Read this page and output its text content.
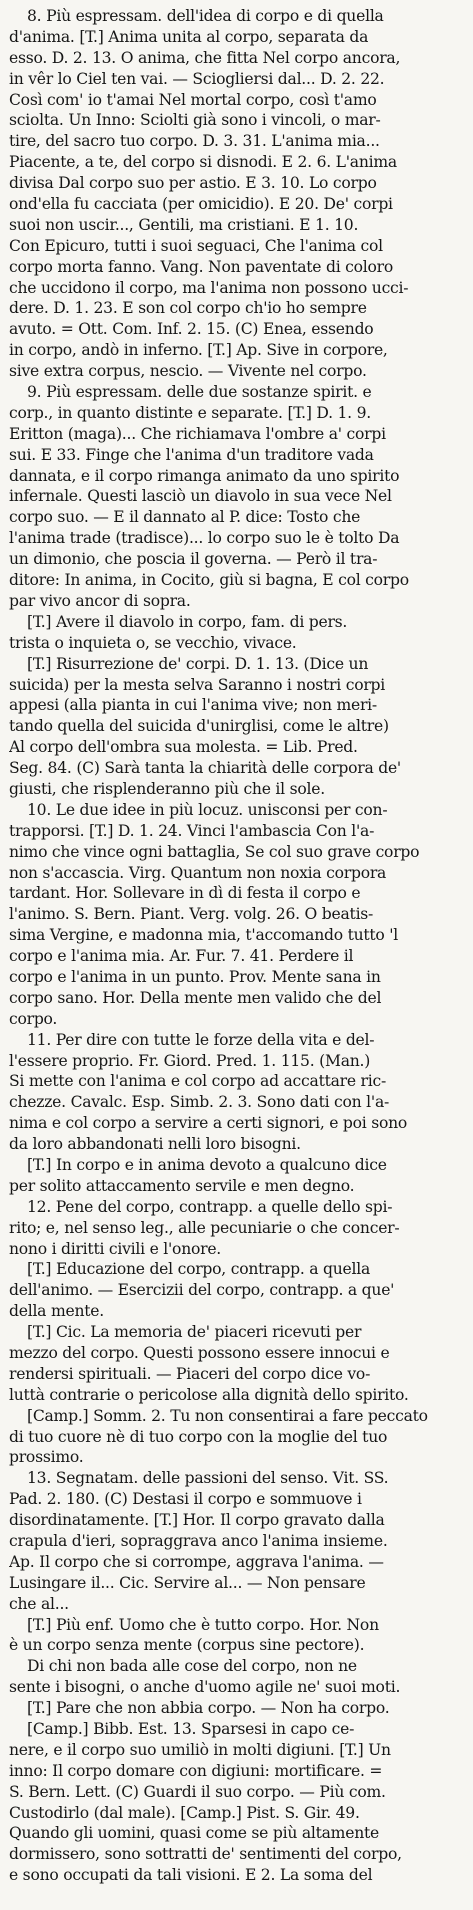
8. Più espressam. dell'idea di corpo e di quella
d'anima. [T.] Anima unita al corpo, separata da
esso. D. 2. 13. O anima, che fitta Nel corpo ancora,
in vêr lo Ciel ten vai. — Sciogliersi dal... D. 2. 22.
Così com' io t'amai Nel mortal corpo, così t'amo
sciolta. Un Inno: Sciolti già sono i vincoli, o mar-
tire, del sacro tuo corpo. D. 3. 31. L'anima mia...
Piacente, a te, del corpo si disnodi. E 2. 6. L'anima
divisa Dal corpo suo per astio. E 3. 10. Lo corpo
ond'ella fu cacciata (per omicidio). E 20. De' corpi
suoi non uscir..., Gentili, ma cristiani. E 1. 10.
Con Epicuro, tutti i suoi seguaci, Che l'anima col
corpo morta fanno. Vang. Non paventate di coloro
che uccidono il corpo, ma l'anima non possono ucci-
dere. D. 1. 23. E son col corpo ch'io ho sempre
avuto. = Ott. Com. Inf. 2. 15. (C) Enea, essendo
in corpo, andò in inferno. [T.] Ap. Sive in corpore,
sive extra corpus, nescio. — Vivente nel corpo.
9. Più espressam. delle due sostanze spirit. e
corp., in quanto distinte e separate. [T.] D. 1. 9.
Eritton (maga)... Che richiamava l'ombre a' corpi
sui. E 33. Finge che l'anima d'un traditore vada
dannata, e il corpo rimanga animato da uno spirito
infernale. Questi lasciò un diavolo in sua vece Nel
corpo suo. — E il dannato al P. dice: Tosto che
l'anima trade (tradisce)... lo corpo suo le è tolto Da
un dimonio, che poscia il governa. — Però il tra-
ditore: In anima, in Cocito, giù si bagna, E col corpo
par vivo ancor di sopra.
[T.] Avere il diavolo in corpo, fam. di pers.
trista o inquieta o, se vecchio, vivace.
[T.] Risurrezione de' corpi. D. 1. 13. (Dice un
suicida) per la mesta selva Saranno i nostri corpi
appesi (alla pianta in cui l'anima vive; non meri-
tando quella del suicida d'unirglisi, come le altre)
Al corpo dell'ombra sua molesta. = Lib. Pred.
Seg. 84. (C) Sarà tanta la chiarità delle corpora de'
giusti, che risplenderanno più che il sole.
10. Le due idee in più locuz. unisconsi per con-
trapporsi. [T.] D. 1. 24. Vinci l'ambascia Con l'a-
nimo che vince ogni battaglia, Se col suo grave corpo
non s'accascia. Virg. Quantum non noxia corpora
tardant. Hor. Sollevare in dì di festa il corpo e
l'animo. S. Bern. Piant. Verg. volg. 26. O beatis-
sima Vergine, e madonna mia, t'accomando tutto 'l
corpo e l'anima mia. Ar. Fur. 7. 41. Perdere il
corpo e l'anima in un punto. Prov. Mente sana in
corpo sano. Hor. Della mente men valido che del
corpo.
11. Per dire con tutte le forze della vita e del-
l'essere proprio. Fr. Giord. Pred. 1. 115. (Man.)
Si mette con l'anima e col corpo ad accattare ric-
chezze. Cavalc. Esp. Simb. 2. 3. Sono dati con l'a-
nima e col corpo a servire a certi signori, e poi sono
da loro abbandonati nelli loro bisogni.
[T.] In corpo e in anima devoto a qualcuno dice
per solito attaccamento servile e men degno.
12. Pene del corpo, contrapp. a quelle dello spi-
rito; e, nel senso leg., alle pecuniarie o che concer-
nono i diritti civili e l'onore.
[T.] Educazione del corpo, contrapp. a quella
dell'animo. — Esercizii del corpo, contrapp. a que'
della mente.
[T.] Cic. La memoria de' piaceri ricevuti per
mezzo del corpo. Questi possono essere innocui e
rendersi spirituali. — Piaceri del corpo dice vo-
luttà contrarie o pericolose alla dignità dello spirito.
[Camp.] Somm. 2. Tu non consentirai a fare peccato
di tuo cuore nè di tuo corpo con la moglie del tuo
prossimo.
13. Segnatam. delle passioni del senso. Vit. SS.
Pad. 2. 180. (C) Destasi il corpo e sommuove i
disordinatamente. [T.] Hor. Il corpo gravato dalla
crapula d'ieri, sopraggrava anco l'anima insieme.
Ap. Il corpo che si corrompe, aggrava l'anima. —
Lusingare il... Cic. Servire al... — Non pensare
che al...
[T.] Più enf. Uomo che è tutto corpo. Hor. Non
è un corpo senza mente (corpus sine pectore).
Di chi non bada alle cose del corpo, non ne
sente i bisogni, o anche d'uomo agile ne' suoi moti.
[T.] Pare che non abbia corpo. — Non ha corpo.
[Camp.] Bibb. Est. 13. Sparsesi in capo ce-
nere, e il corpo suo umiliò in molti digiuni. [T.] Un
inno: Il corpo domare con digiuni: mortificare. =
S. Bern. Lett. (C) Guardi il suo corpo. — Più com.
Custodirlo (dal male). [Camp.] Pist. S. Gir. 49.
Quando gli uomini, quasi come se più altamente
dormissero, sono sottratti de' sentimenti del corpo,
e sono occupati da tali visioni. E 2. La soma del
